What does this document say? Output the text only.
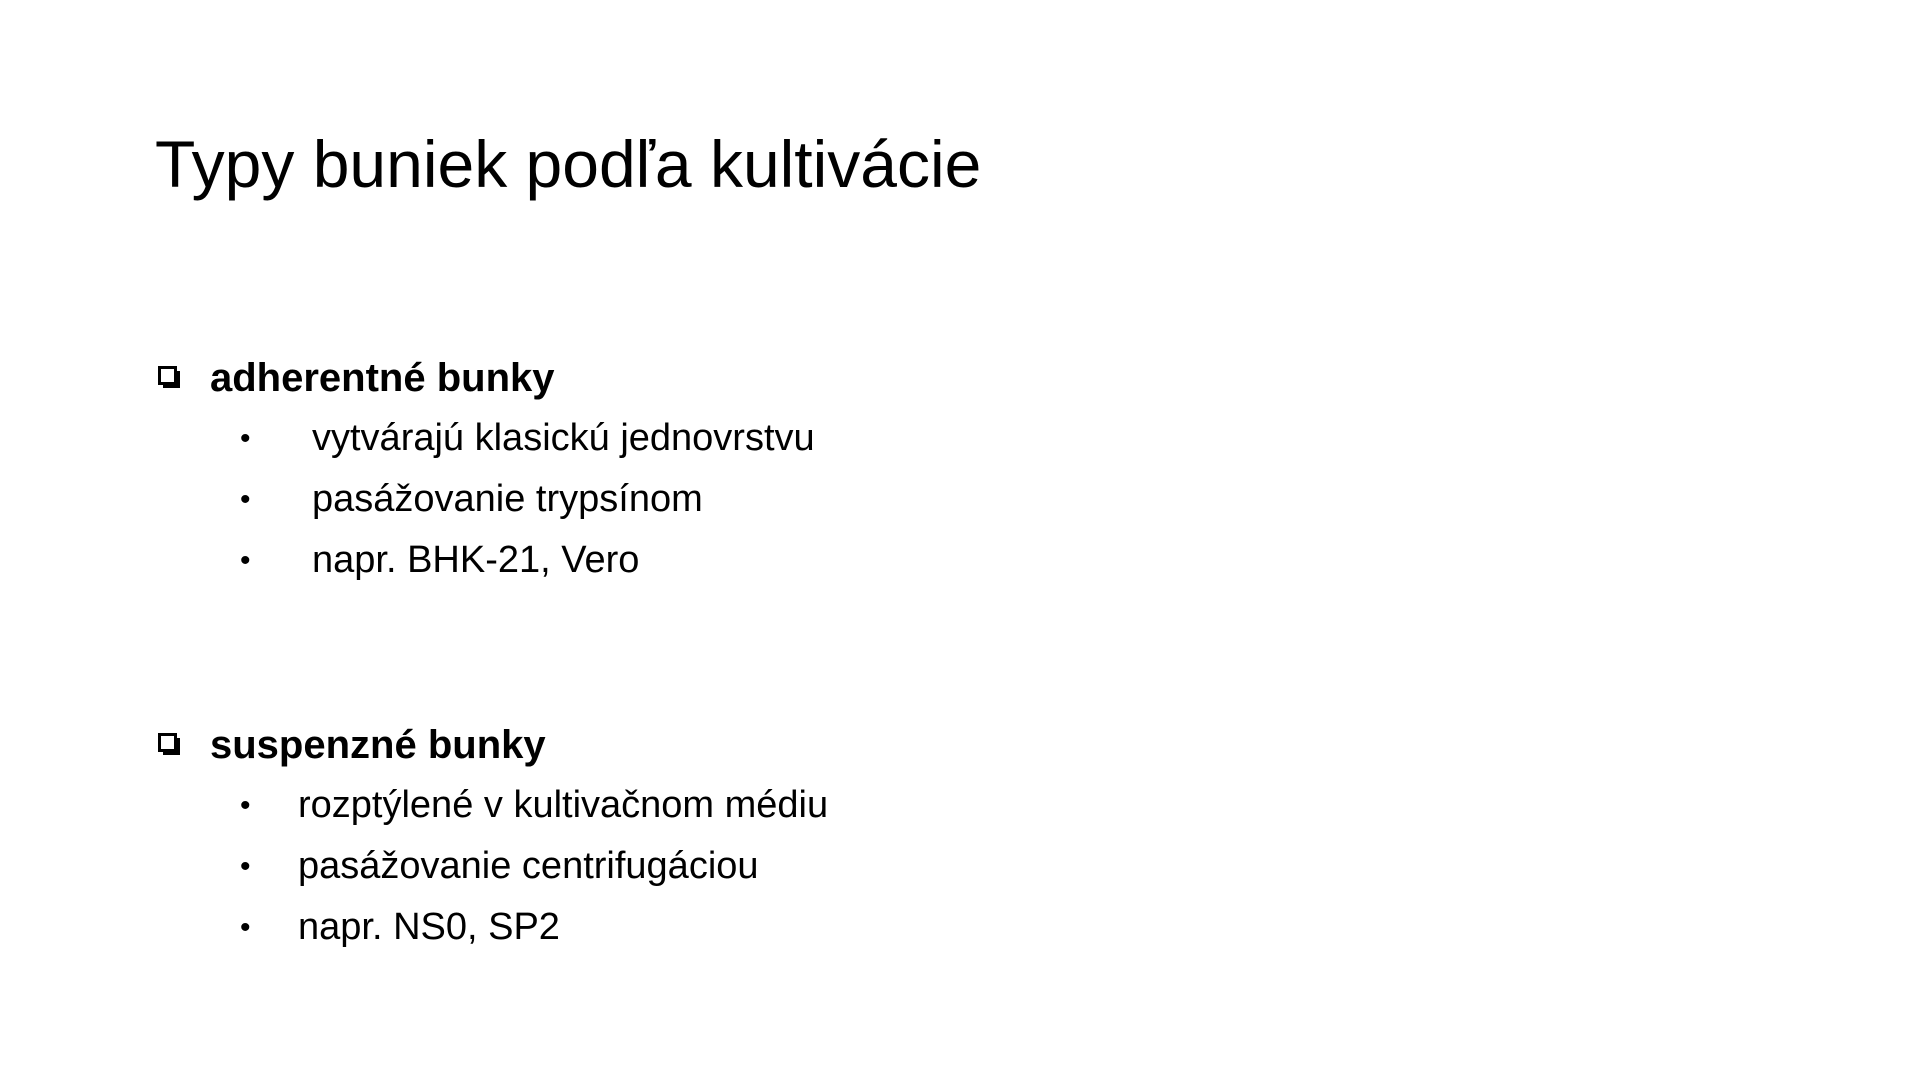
Typy buniek podľa kultivácie
adherentné bunky
• vytvárajú klasickú jednovrstvu
• pasážovanie trypsínom
• napr. BHK-21, Vero
suspenzné bunky
• rozptýlené v kultivačnom médiu
• pasážovanie centrifugáciou
• napr. NS0, SP2
